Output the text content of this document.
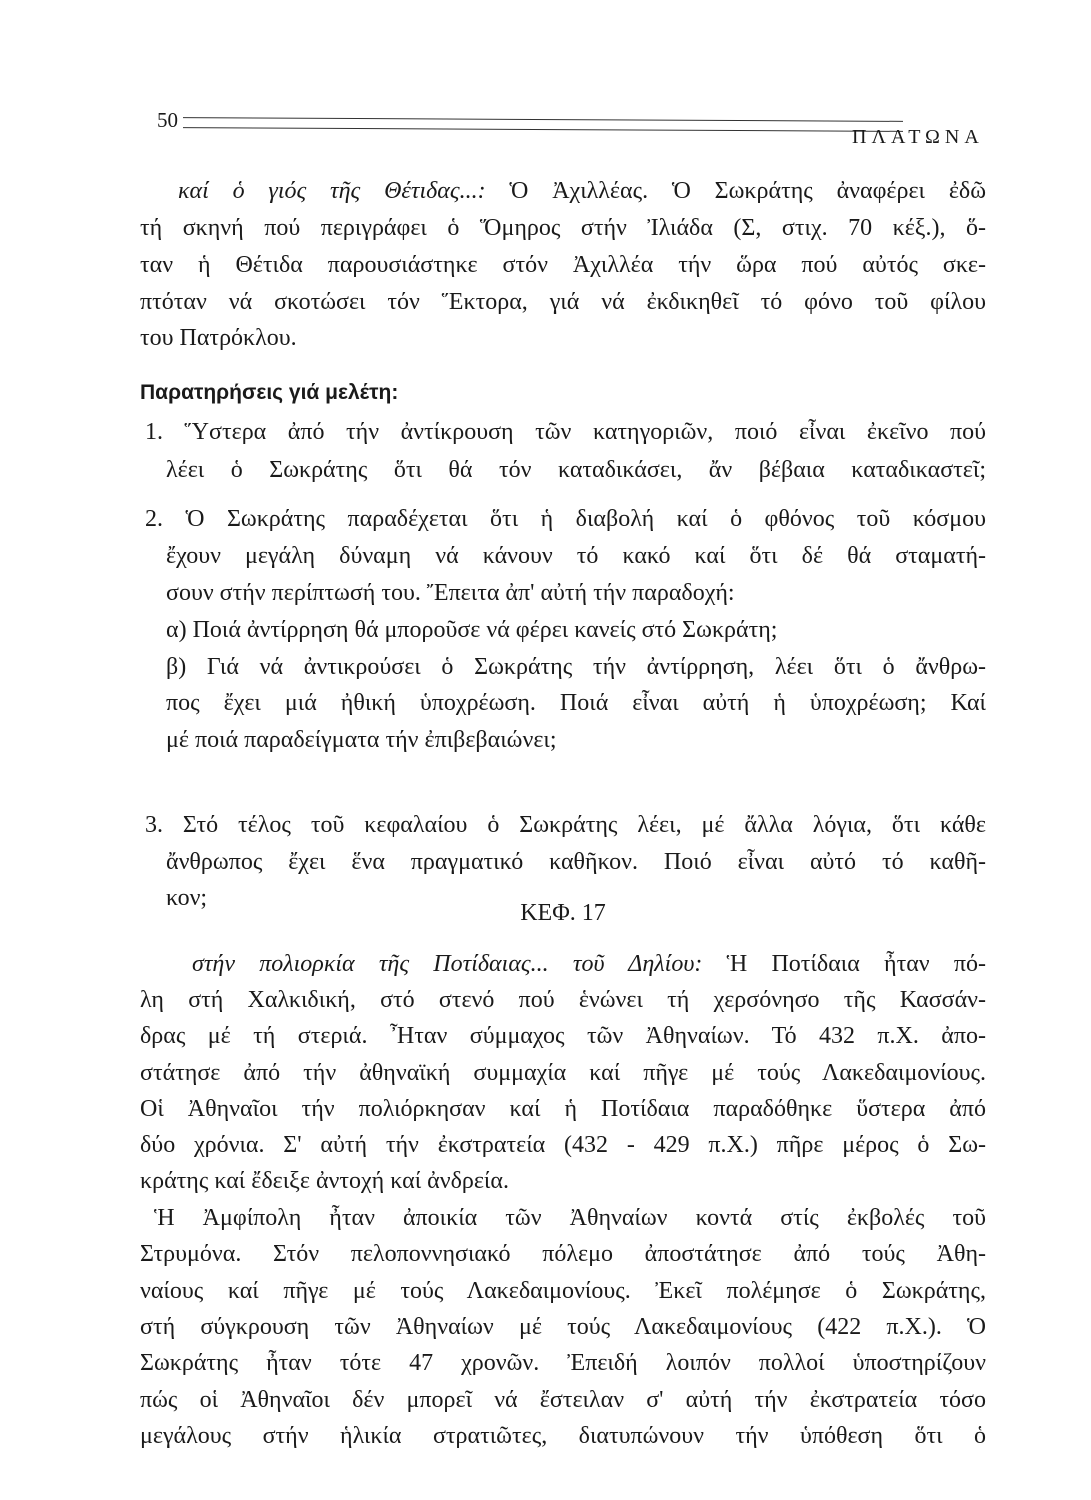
50
ΠΛΑΤΩΝΑ
καί ὁ γιός τῆς Θέτιδας...: Ὁ Ἀχιλλέας. Ὁ Σωκράτης ἀναφέρει ἐδῶ
τή σκηνή πού περιγράφει ὁ Ὅμηρος στήν Ἰλιάδα (Σ, στιχ. 70 κέξ.), ὅ-
ταν ἡ Θέτιδα παρουσιάστηκε στόν Ἀχιλλέα τήν ὥρα πού αὐτός σκε-
πτόταν νά σκοτώσει τόν Ἕκτορα, γιά νά ἐκδικηθεῖ τό φόνο τοῦ φίλου
του Πατρόκλου.
Παρατηρήσεις γιά μελέτη:
1. Ὕστερα ἀπό τήν ἀντίκρουση τῶν κατηγοριῶν, ποιό εἶναι ἐκεῖνο πού
λέει ὁ Σωκράτης ὅτι θά τόν καταδικάσει, ἄν βέβαια καταδικαστεῖ;
2. Ὁ Σωκράτης παραδέχεται ὅτι ἡ διαβολή καί ὁ φθόνος τοῦ κόσμου
ἔχουν μεγάλη δύναμη νά κάνουν τό κακό καί ὅτι δέ θά σταματή-
σουν στήν περίπτωσή του. Ἔπειτα ἀπ' αὐτή τήν παραδοχή:
α) Ποιά ἀντίρρηση θά μποροῦσε νά φέρει κανείς στό Σωκράτη;
β) Γιά νά ἀντικρούσει ὁ Σωκράτης τήν ἀντίρρηση, λέει ὅτι ὁ ἄνθρω-
πος ἔχει μιά ἠθική ὑποχρέωση. Ποιά εἶναι αὐτή ἡ ὑποχρέωση; Καί
μέ ποιά παραδείγματα τήν ἐπιβεβαιώνει;
3. Στό τέλος τοῦ κεφαλαίου ὁ Σωκράτης λέει, μέ ἄλλα λόγια, ὅτι κάθε
ἄνθρωπος ἔχει ἕνα πραγματικό καθῆκον. Ποιό εἶναι αὐτό τό καθῆ-
κον;
ΚΕΦ. 17
στήν πολιορκία τῆς Ποτίδαιας... τοῦ Δηλίου: Ἡ Ποτίδαια ἦταν πό-
λη στή Χαλκιδική, στό στενό πού ἑνώνει τή χερσόνησο τῆς Κασσάν-
δρας μέ τή στεριά. Ἦταν σύμμαχος τῶν Ἀθηναίων. Τό 432 π.Χ. ἀπο-
στάτησε ἀπό τήν ἀθηναϊκή συμμαχία καί πῆγε μέ τούς Λακεδαιμονίους.
Οἱ Ἀθηναῖοι τήν πολιόρκησαν καί ἡ Ποτίδαια παραδόθηκε ὕστερα ἀπό
δύο χρόνια. Σ' αὐτή τήν ἐκστρατεία (432 - 429 π.Χ.) πῆρε μέρος ὁ Σω-
κράτης καί ἔδειξε ἀντοχή καί ἀνδρεία.
Ἡ Ἀμφίπολη ἦταν ἀποικία τῶν Ἀθηναίων κοντά στίς ἐκβολές τοῦ
Στρυμόνα. Στόν πελοποννησιακό πόλεμο ἀποστάτησε ἀπό τούς Ἀθη-
ναίους καί πῆγε μέ τούς Λακεδαιμονίους. Ἐκεῖ πολέμησε ὁ Σωκράτης,
στή σύγκρουση τῶν Ἀθηναίων μέ τούς Λακεδαιμονίους (422 π.Χ.). Ὁ
Σωκράτης ἦταν τότε 47 χρονῶν. Ἐπειδή λοιπόν πολλοί ὑποστηρίζουν
πώς οἱ Ἀθηναῖοι δέν μπορεῖ νά ἔστειλαν σ' αὐτή τήν ἐκστρατεία τόσο
μεγάλους στήν ἡλικία στρατιῶτες, διατυπώνουν τήν ὑπόθεση ὅτι ὁ
